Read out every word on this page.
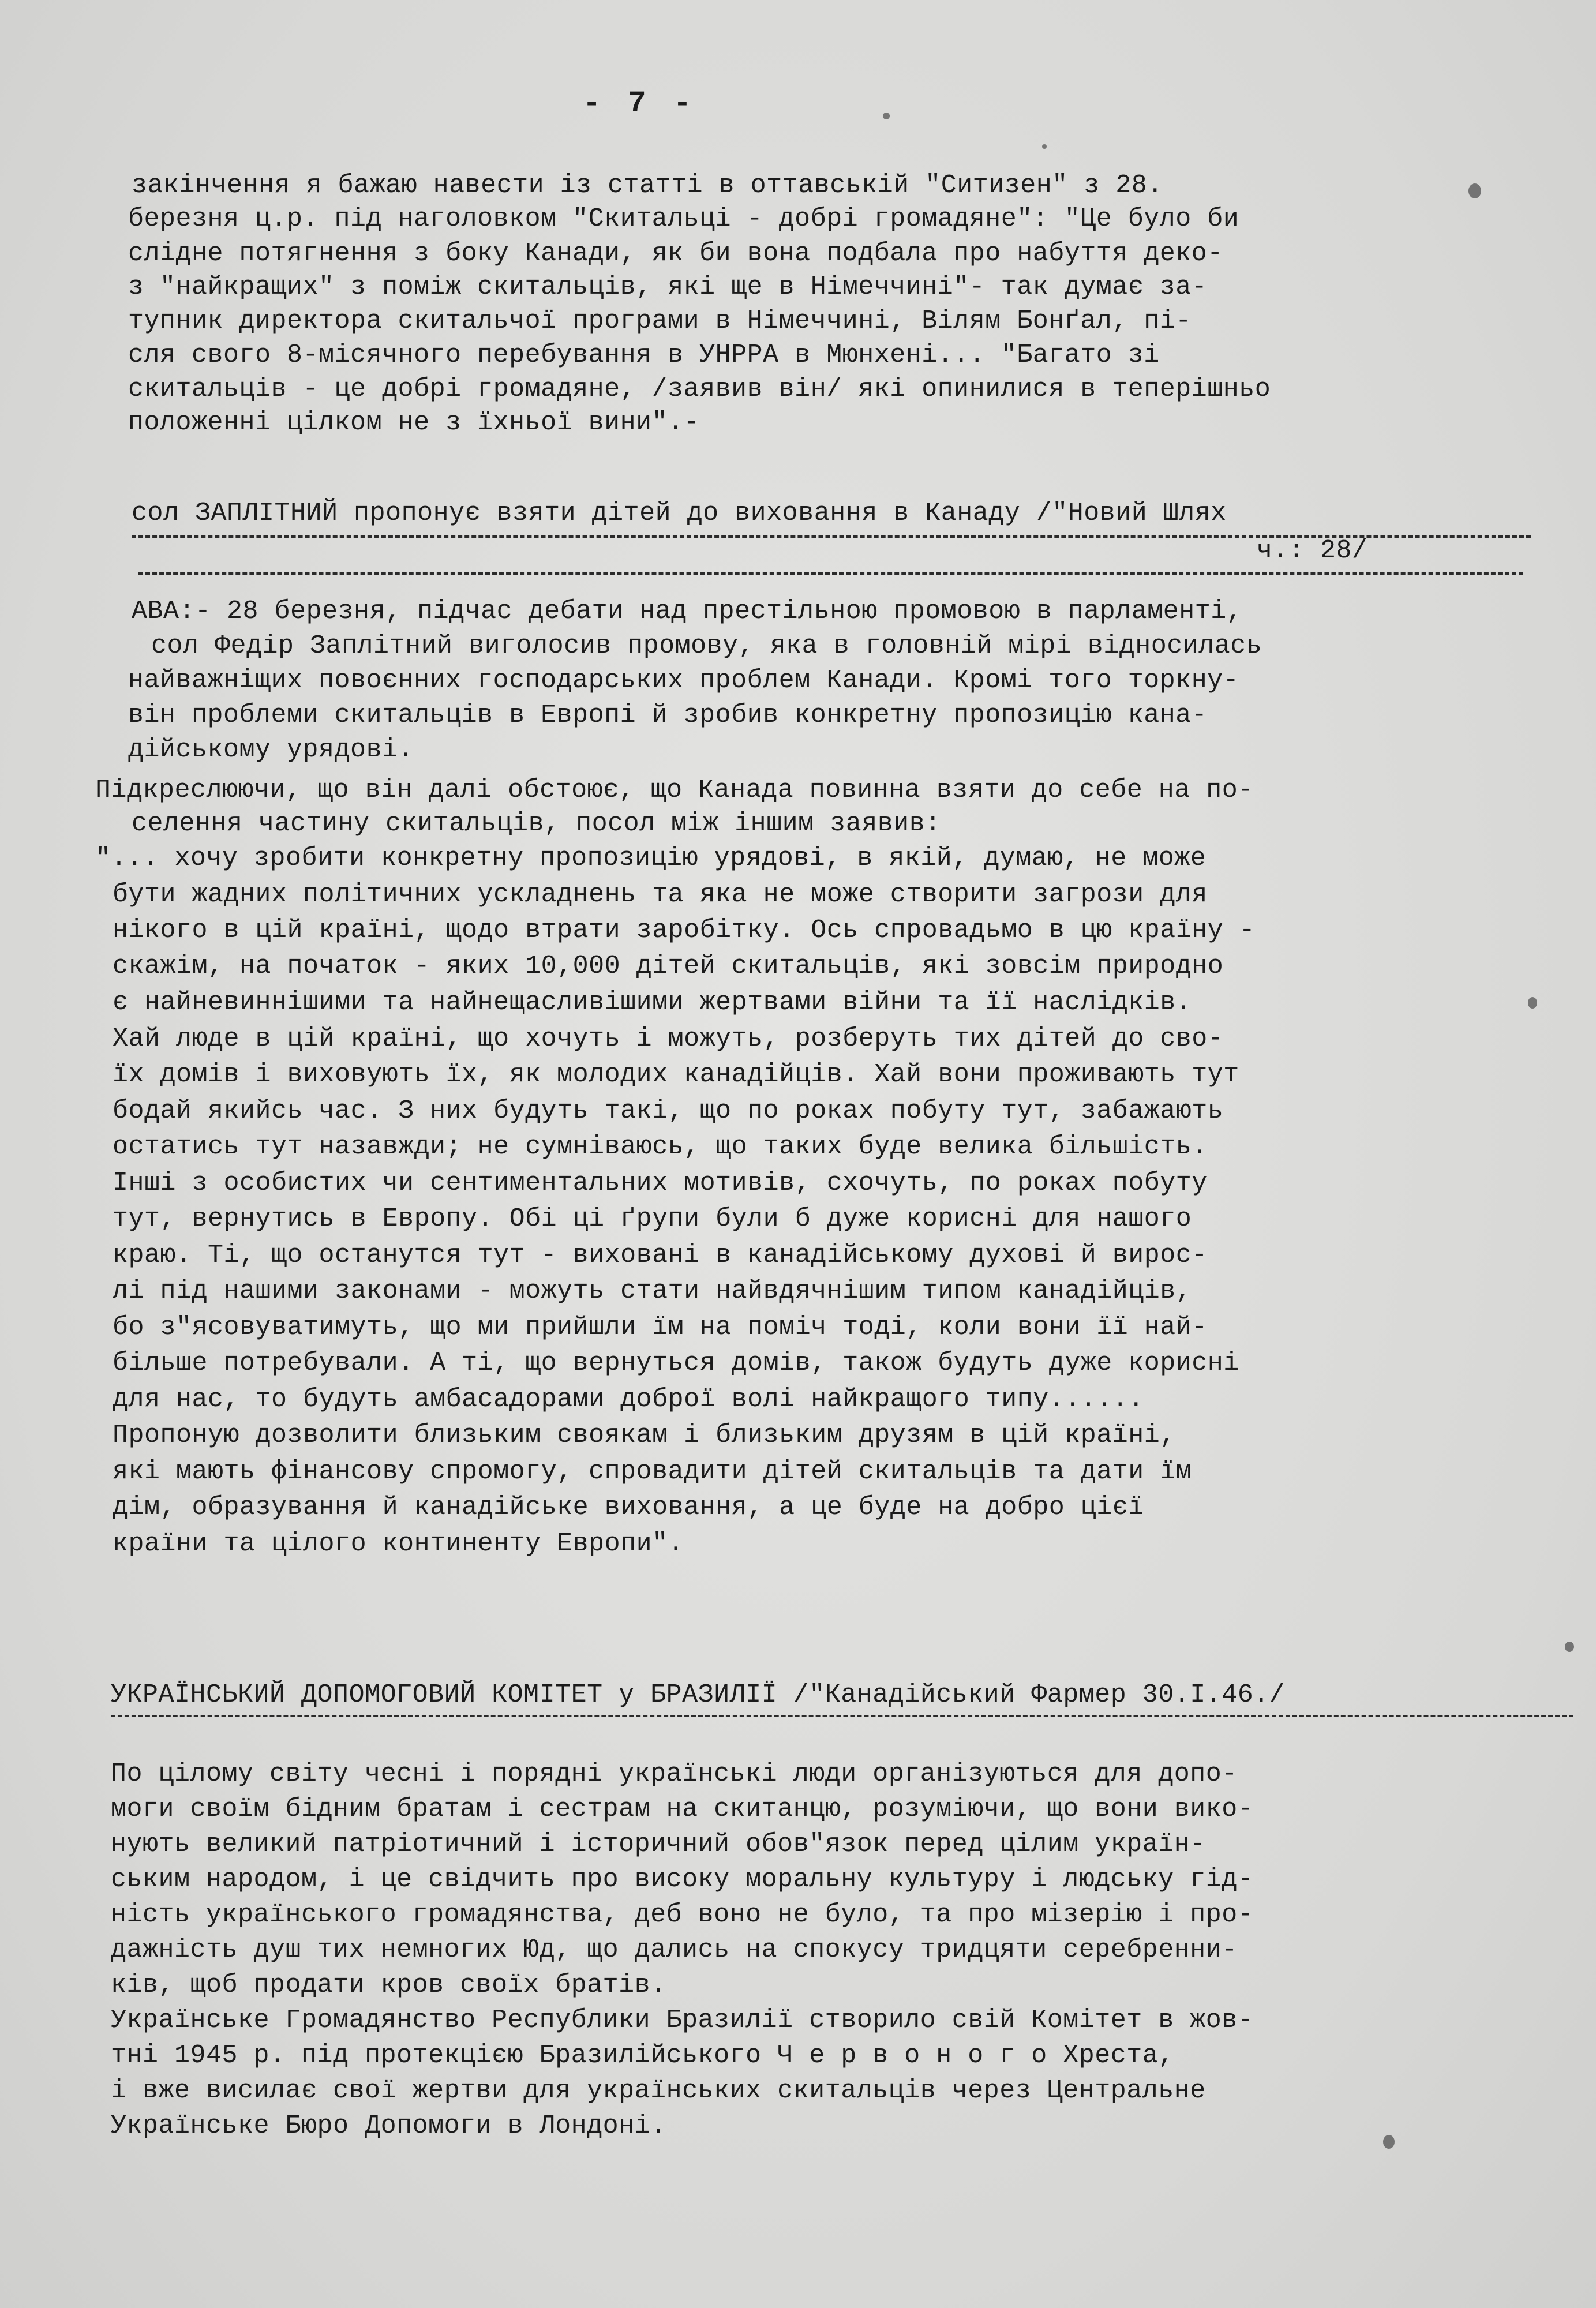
- 7 -

закінчення я бажаю навести із статті в оттавській "Ситизен" з 28.

березня ц.р. під наголовком "Скитальці - добрі громадяне": "Це було би

слідне потягнення з боку Канади, як би вона подбала про набуття деко-

з "найкращих" з поміж скитальців, які ще в Німеччині"- так думає за-

тупник директора скитальчої програми в Німеччині, Вілям Бонґал, пі-

сля свого 8-місячного перебування в УНРРА в Мюнхені... "Багато зі

скитальців - це добрі громадяне, /заявив він/ які опинилися в теперішньо

положенні цілком не з їхньої вини".-

сол ЗАПЛІТНИЙ пропонує взяти дітей до виховання в Канаду /"Новий Шлях

ч.: 28/

АВА:- 28 березня, підчас дебати над престільною промовою в парламенті,

сол Федір Заплітний виголосив промову, яка в головній мірі відносилась

найважніщих повоєнних господарських проблем Канади. Кромі того торкну-

він проблеми скитальців в Европі й зробив конкретну пропозицію кана-

дійському урядові.

Підкреслюючи, що він далі обстоює, що Канада повинна взяти до себе на по-

селення частину скитальців, посол між іншим заявив:

"... хочу зробити конкретну пропозицію урядові, в якій, думаю, не може

бути жадних політичних ускладнень та яка не може створити загрози для

нікого в цій країні, щодо втрати заробітку. Ось спровадьмо в цю країну -

скажім, на початок - яких 10,000 дітей скитальців, які зовсім природно

є найневиннішими та найнещасливішими жертвами війни та її наслідків.

Хай люде в цій країні, що хочуть і можуть, розберуть тих дітей до сво-

їх домів і виховують їх, як молодих канадійців. Хай вони проживають тут

бодай якийсь час. З них будуть такі, що по роках побуту тут, забажають

остатись тут назавжди; не сумніваюсь, що таких буде велика більшість.

Інші з особистих чи сентиментальних мотивів, схочуть, по роках побуту

тут, вернутись в Европу. Обі ці ґрупи були б дуже корисні для нашого

краю. Ті, що останутся тут - виховані в канадійському духові й вирос-

лі під нашими законами - можуть стати найвдячнішим типом канадійців,

бо з"ясовуватимуть, що ми прийшли їм на поміч тоді, коли вони її най-

більше потребували. А ті, що вернуться домів, також будуть дуже корисні

для нас, то будуть амбасадорами доброї волі найкращого типу......

Пропоную дозволити близьким своякам і близьким друзям в цій країні,

які мають фінансову спромогу, спровадити дітей скитальців та дати їм

дім, образування й канадійське виховання, а це буде на добро цієї

країни та цілого континенту Европи".

УКРАЇНСЬКИЙ ДОПОМОГОВИЙ КОМІТЕТ у БРАЗИЛІЇ /"Канадійський Фармер 30.I.46./

По цілому світу чесні і порядні українські люди організуються для допо-

моги своїм бідним братам і сестрам на скитанцю, розуміючи, що вони вико-

нують великий патріотичний і історичний обов"язок перед цілим україн-

ським народом, і це свідчить про високу моральну культуру і людську гід-

ність українського громадянства, деб воно не було, та про мізерію і про-

дажність душ тих немногих Юд, що дались на спокусу тридцяти серебренни-

ків, щоб продати кров своїх братів.

Українське Громадянство Республики Бразилії створило свій Комітет в жов-

тні 1945 р. під протекцією Бразилійського Ч е р в о н о г о Хреста,

і вже висилає свої жертви для українських скитальців через Центральне

Українське Бюро Допомоги в Лондоні.
